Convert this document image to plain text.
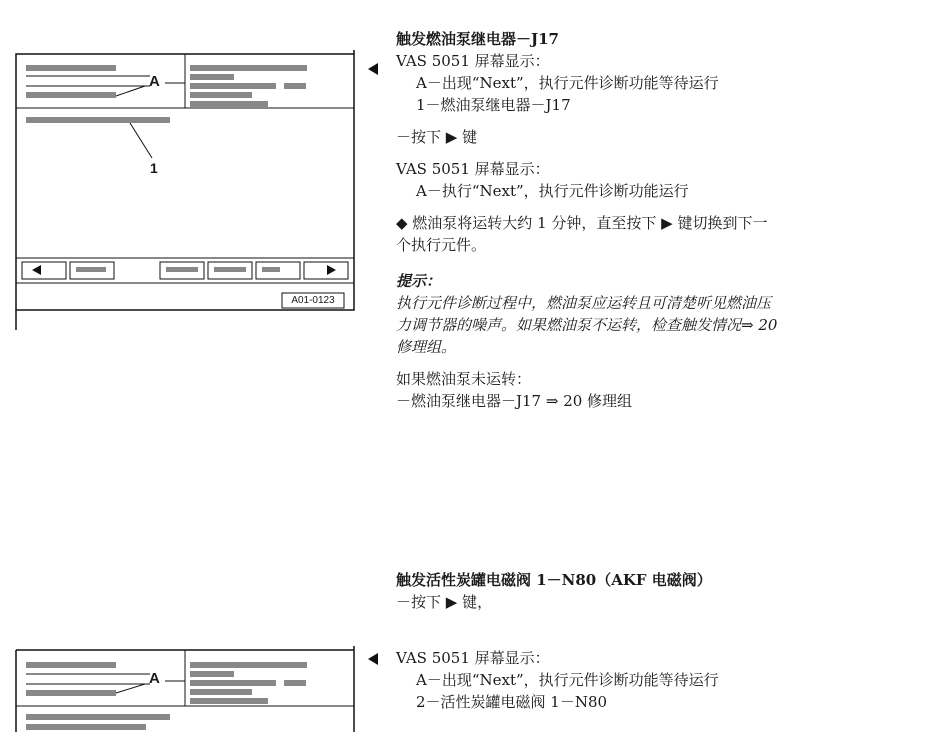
A
1
A01-0123
A
触发燃油泵继电器－J17
VAS 5051 屏幕显示：
A－出现“Next”，执行元件诊断功能等待运行
1－燃油泵继电器－J17
－按下 ▶ 键
VAS 5051 屏幕显示：
A－执行“Next”，执行元件诊断功能运行
◆ 燃油泵将运转大约 1 分钟，直至按下 ▶ 键切换到下一
个执行元件。
提示：
执行元件诊断过程中，燃油泵应运转且可清楚听见燃油压
力调节器的噪声。如果燃油泵不运转，检查触发情况⇒ 20
修理组。
如果燃油泵未运转：
－燃油泵继电器－J17 ⇒ 20 修理组
触发活性炭罐电磁阀 1－N80（AKF 电磁阀）
－按下 ▶ 键，
VAS 5051 屏幕显示：
A－出现“Next”，执行元件诊断功能等待运行
2－活性炭罐电磁阀 1－N80
